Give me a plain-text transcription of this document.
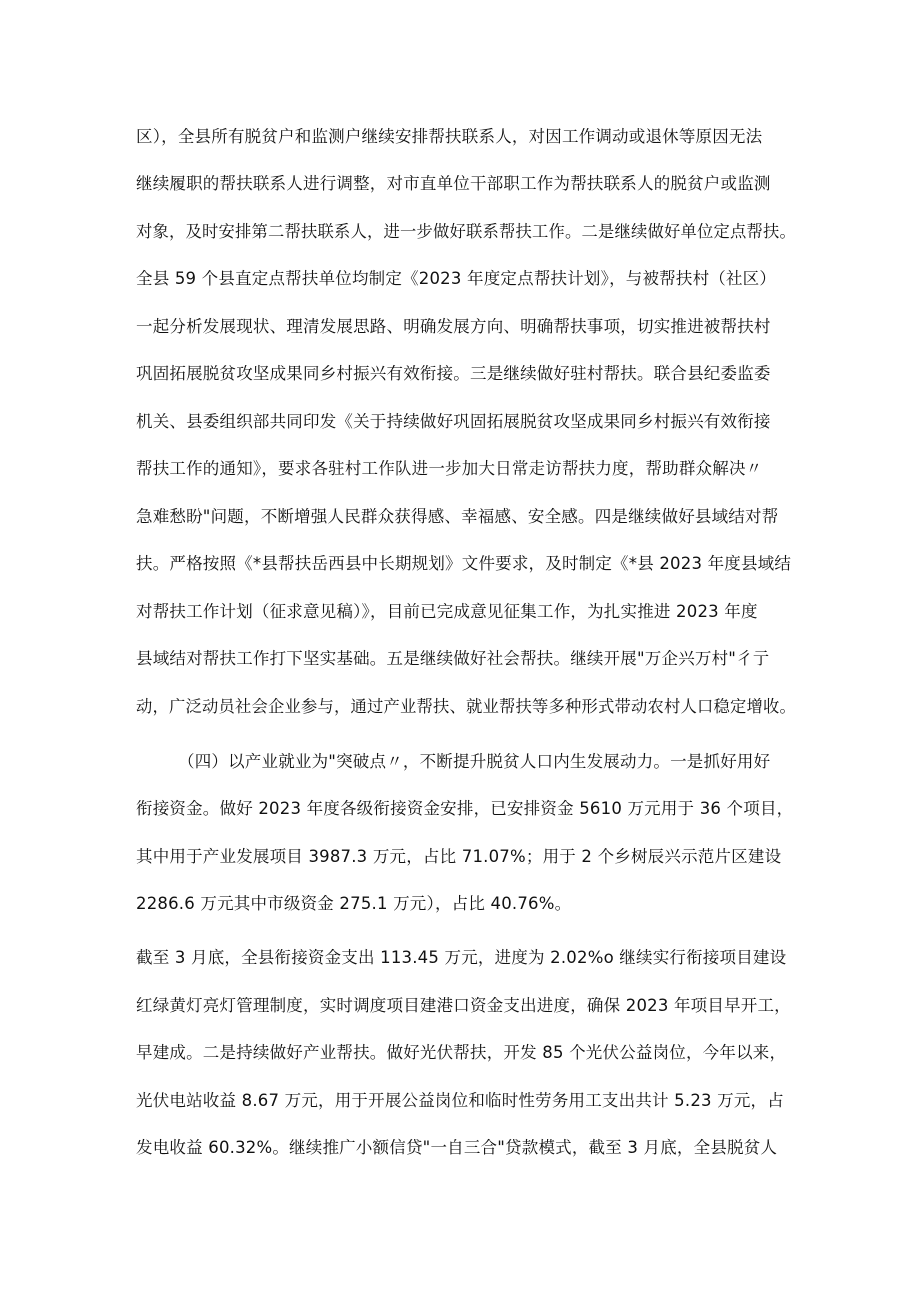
区），全县所有脱贫户和监测户继续安排帮扶联系人，对因工作调动或退休等原因无法
继续履职的帮扶联系人进行调整，对市直单位干部职工作为帮扶联系人的脱贫户或监测
对象，及时安排第二帮扶联系人，进一步做好联系帮扶工作。二是继续做好单位定点帮扶。
全县 59 个县直定点帮扶单位均制定《2023 年度定点帮扶计划》，与被帮扶村（社区）
一起分析发展现状、理清发展思路、明确发展方向、明确帮扶事项，切实推进被帮扶村
巩固拓展脱贫攻坚成果同乡村振兴有效衔接。三是继续做好驻村帮扶。联合县纪委监委
机关、县委组织部共同印发《关于持续做好巩固拓展脱贫攻坚成果同乡村振兴有效衔接
帮扶工作的通知》，要求各驻村工作队进一步加大日常走访帮扶力度，帮助群众解决〃
急难愁盼"问题，不断增强人民群众获得感、幸福感、安全感。四是继续做好县域结对帮
扶。严格按照《*县帮扶岳西县中长期规划》文件要求，及时制定《*县 2023 年度县域结
对帮扶工作计划（征求意见稿）》，目前已完成意见征集工作，为扎实推进 2023 年度
县域结对帮扶工作打下坚实基础。五是继续做好社会帮扶。继续开展"万企兴万村"彳亍
动，广泛动员社会企业参与，通过产业帮扶、就业帮扶等多种形式带动农村人口稳定增收。
（四）以产业就业为"突破点〃，不断提升脱贫人口内生发展动力。一是抓好用好
衔接资金。做好 2023 年度各级衔接资金安排，已安排资金 5610 万元用于 36 个项目，
其中用于产业发展项目 3987.3 万元，占比 71.07%；用于 2 个乡树辰兴示范片区建设
2286.6 万元其中市级资金 275.1 万元），占比 40.76%。
截至 3 月底，全县衔接资金支出 113.45 万元，进度为 2.02%o 继续实行衔接项目建设
红绿黄灯亮灯管理制度，实时调度项目建港口资金支出进度，确保 2023 年项目早开工，
早建成。二是持续做好产业帮扶。做好光伏帮扶，开发 85 个光伏公益岗位，今年以来，
光伏电站收益 8.67 万元，用于开展公益岗位和临时性劳务用工支出共计 5.23 万元，占
发电收益 60.32%。继续推广小额信贷"一自三合"贷款模式，截至 3 月底，全县脱贫人
